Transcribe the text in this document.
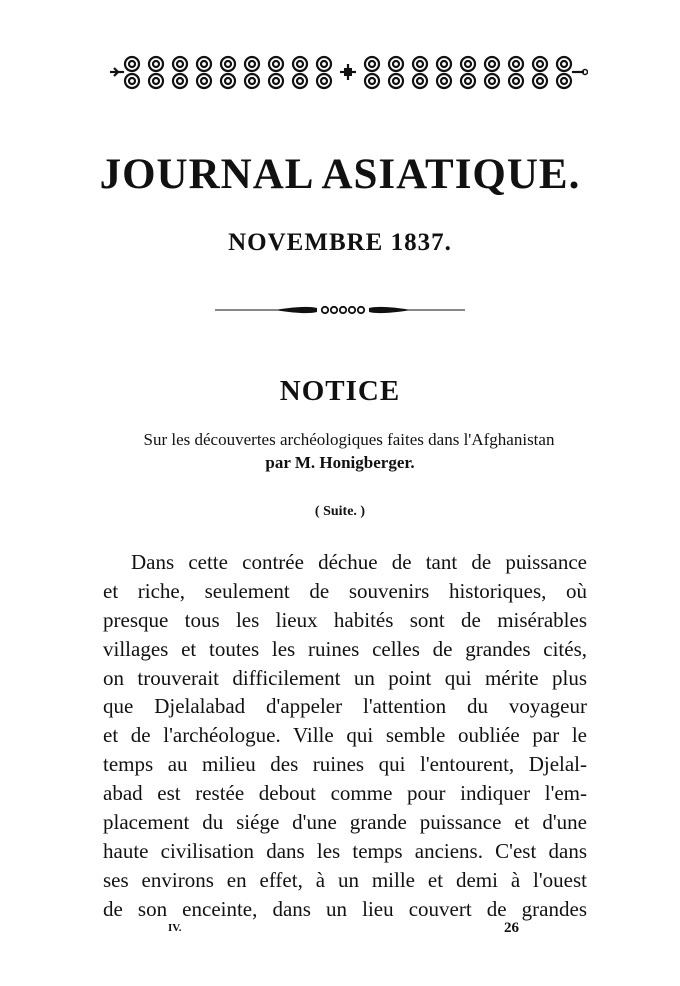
JOURNAL ASIATIQUE.
NOVEMBRE 1837.
NOTICE
Sur les découvertes archéologiques faites dans l'Afghanistan
par M. Honigberger.
( Suite. )
Dans cette contrée déchue de tant de puissance
et riche, seulement de souvenirs historiques, où
presque tous les lieux habités sont de misérables
villages et toutes les ruines celles de grandes cités,
on trouverait difficilement un point qui mérite plus
que Djelalabad d'appeler l'attention du voyageur
et de l'archéologue. Ville qui semble oubliée par le
temps au milieu des ruines qui l'entourent, Djelal-
abad est restée debout comme pour indiquer l'em-
placement du siége d'une grande puissance et d'une
haute civilisation dans les temps anciens. C'est dans
ses environs en effet, à un mille et demi à l'ouest
de son enceinte, dans un lieu couvert de grandes
IV.	26
